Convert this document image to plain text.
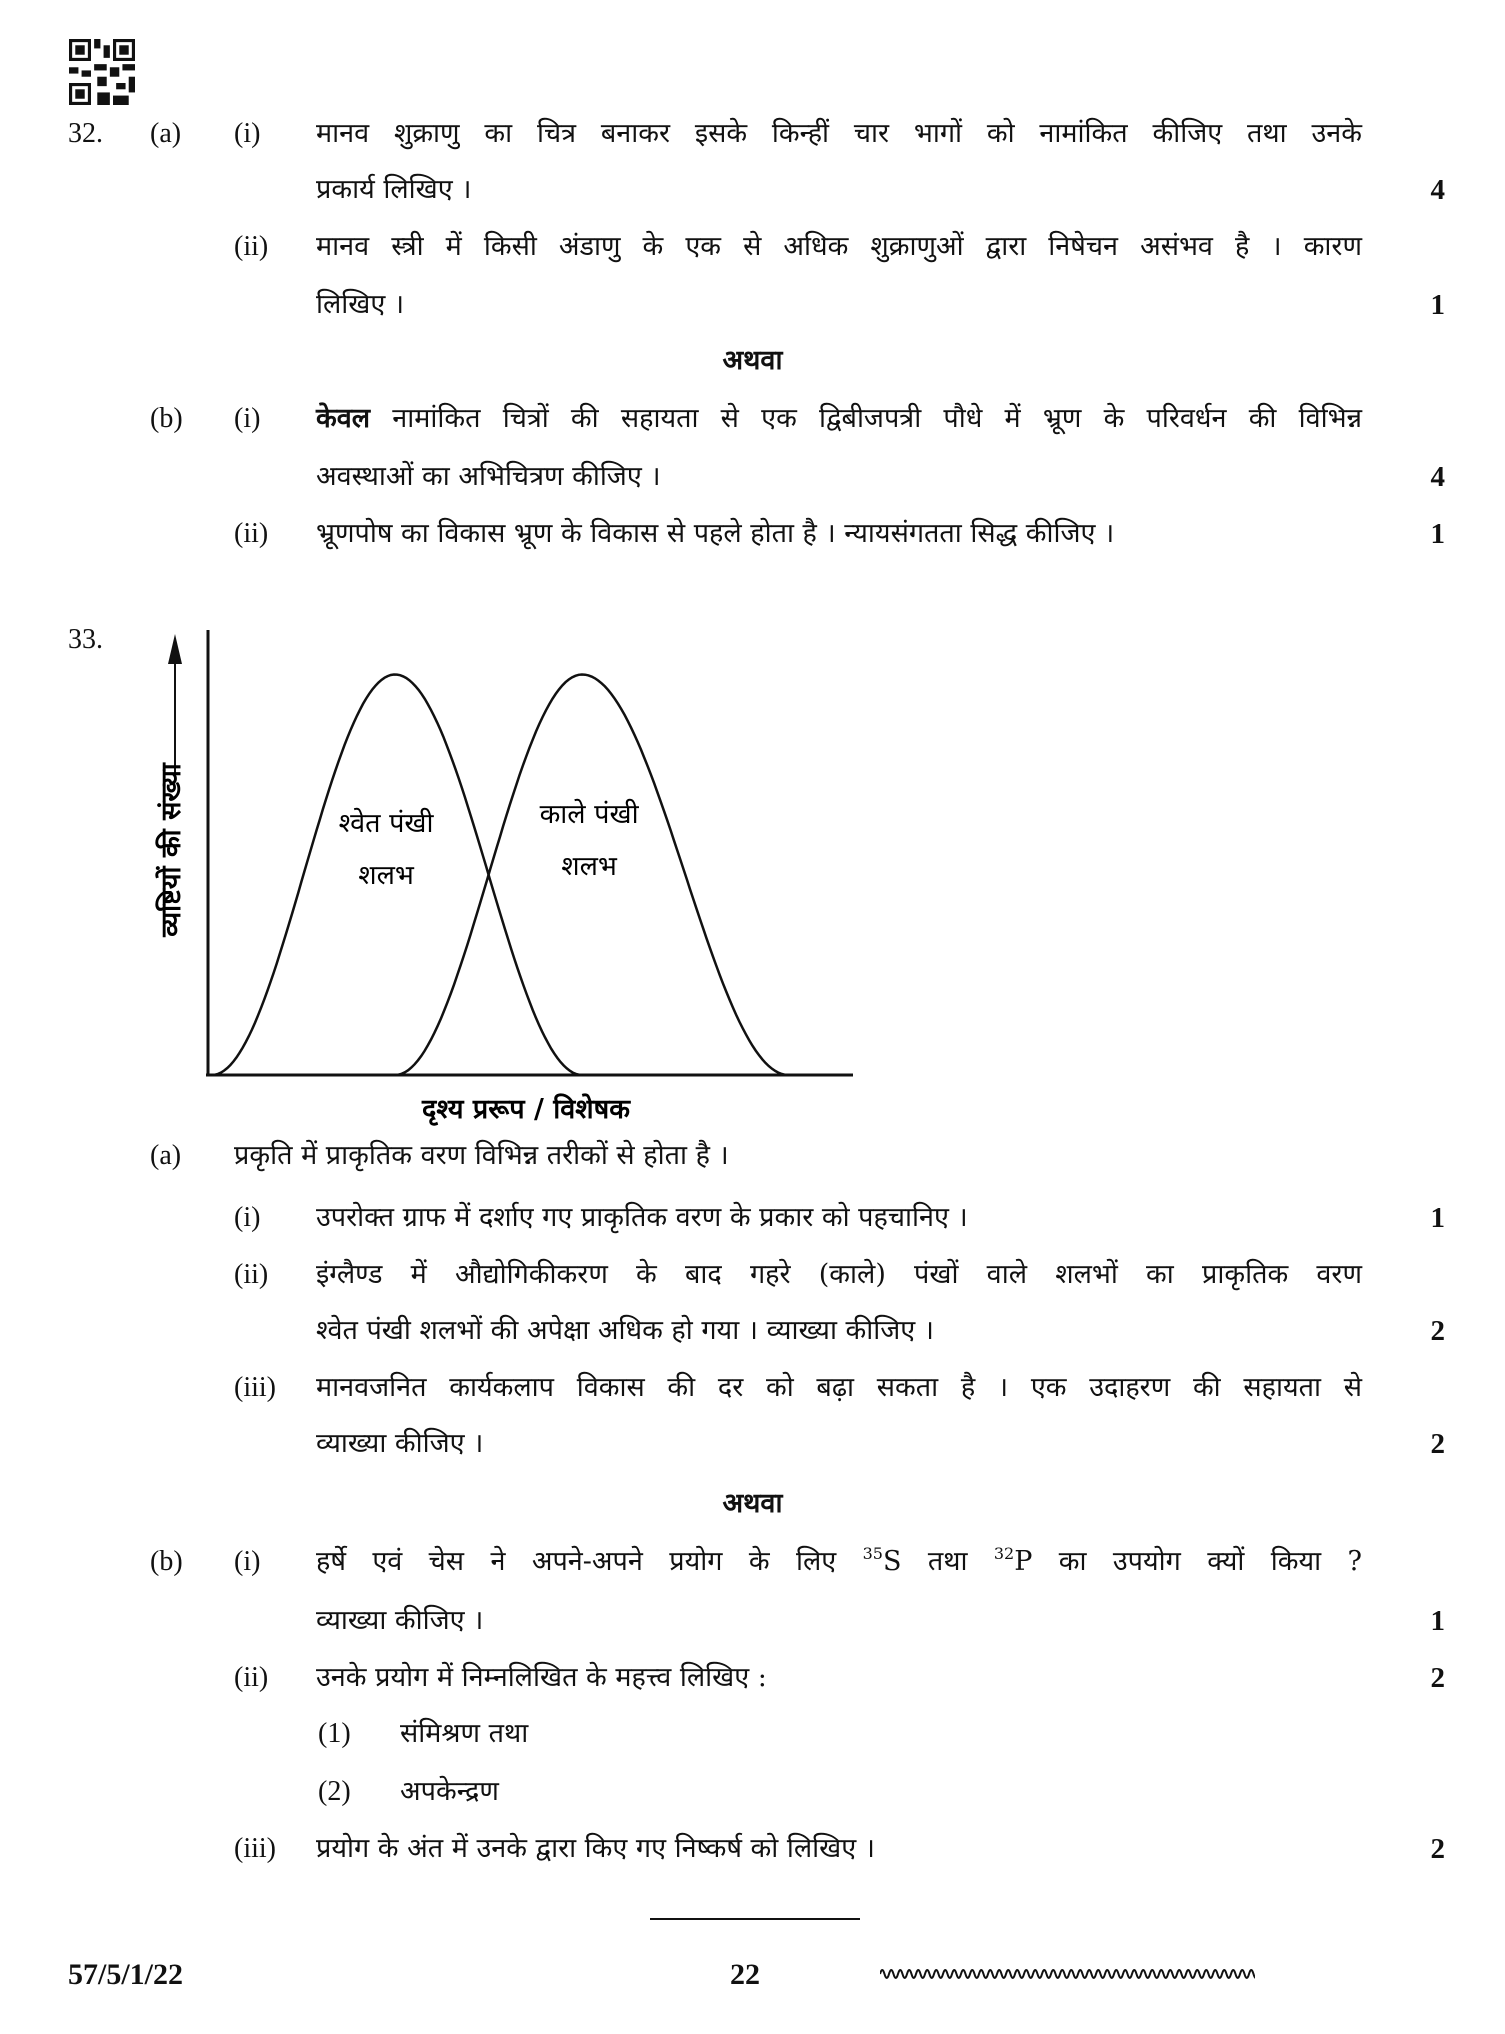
32. (a) (i) मानव शुक्राणु का चित्र बनाकर इसके किन्हीं चार भागों को नामांकित कीजिए तथा उनके
प्रकार्य लिखिए ।	4
(ii) मानव स्त्री में किसी अंडाणु के एक से अधिक शुक्राणुओं द्वारा निषेचन असंभव है । कारण
लिखिए ।	1
अथवा
(b) (i) केवल नामांकित चित्रों की सहायता से एक द्विबीजपत्री पौधे में भ्रूण के परिवर्धन की विभिन्न
अवस्थाओं का अभिचित्रण कीजिए ।	4
(ii) भ्रूणपोष का विकास भ्रूण के विकास से पहले होता है । न्यायसंगतता सिद्ध कीजिए ।	1
33.
(a) प्रकृति में प्राकृतिक वरण विभिन्न तरीकों से होता है ।
(i) उपरोक्त ग्राफ में दर्शाए गए प्राकृतिक वरण के प्रकार को पहचानिए ।	1
(ii) इंग्लैण्ड में औद्योगिकीकरण के बाद गहरे (काले) पंखों वाले शलभों का प्राकृतिक वरण
श्वेत पंखी शलभों की अपेक्षा अधिक हो गया । व्याख्या कीजिए ।	2
(iii) मानवजनित कार्यकलाप विकास की दर को बढ़ा सकता है । एक उदाहरण की सहायता से
व्याख्या कीजिए ।	2
अथवा
(b) (i) हर्षे एवं चेस ने अपने-अपने प्रयोग के लिए $^{35}$S तथा $^{32}$P का उपयोग क्यों किया ?
व्याख्या कीजिए ।	1
(ii) उनके प्रयोग में निम्नलिखित के महत्त्व लिखिए :	2
(1) संमिश्रण तथा
(2) अपकेन्द्रण
(iii) प्रयोग के अंत में उनके द्वारा किए गए निष्कर्ष को लिखिए ।	2
व्यष्टियों की संख्या
दृश्य प्ररूप / विशेषक
श्वेत पंखी
शलभ
काले पंखी
शलभ
57/5/1/22	22
